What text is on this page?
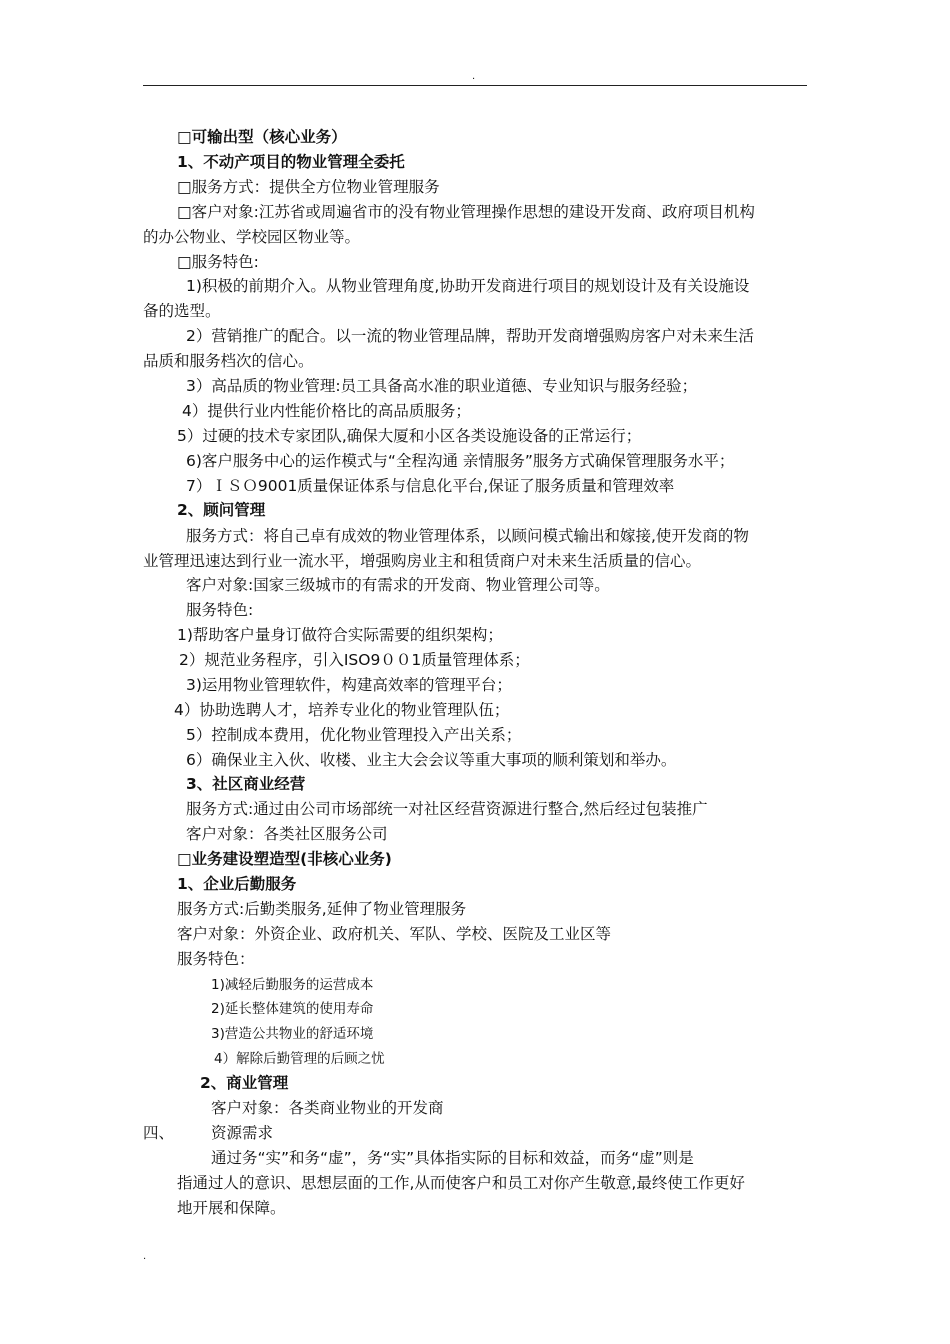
.
□可输出型（核心业务）
1、不动产项目的物业管理全委托
□服务方式：提供全方位物业管理服务
□客户对象:江苏省或周遍省市的没有物业管理操作思想的建设开发商、政府项目机构
的办公物业、学校园区物业等。
□服务特色:
1)积极的前期介入。从物业管理角度,协助开发商进行项目的规划设计及有关设施设
备的选型。
2）营销推广的配合。以一流的物业管理品牌，帮助开发商增强购房客户对未来生活
品质和服务档次的信心。
3）高品质的物业管理:员工具备高水准的职业道德、专业知识与服务经验；
4）提供行业内性能价格比的高品质服务；
5）过硬的技术专家团队,确保大厦和小区各类设施设备的正常运行；
6)客户服务中心的运作模式与“全程沟通 亲情服务”服务方式确保管理服务水平；
7）ＩＳＯ9001质量保证体系与信息化平台,保证了服务质量和管理效率
2、顾问管理
服务方式：将自己卓有成效的物业管理体系，以顾问模式输出和嫁接,使开发商的物
业管理迅速达到行业一流水平，增强购房业主和租赁商户对未来生活质量的信心。
客户对象:国家三级城市的有需求的开发商、物业管理公司等。
服务特色:
1)帮助客户量身订做符合实际需要的组织架构；
2）规范业务程序，引入ISO9００1质量管理体系；
3)运用物业管理软件，构建高效率的管理平台；
4）协助选聘人才，培养专业化的物业管理队伍；
5）控制成本费用，优化物业管理投入产出关系；
6）确保业主入伙、收楼、业主大会会议等重大事项的顺利策划和举办。
3、社区商业经营
服务方式:通过由公司市场部统一对社区经营资源进行整合,然后经过包装推广
客户对象：各类社区服务公司
□业务建设塑造型(非核心业务)
1、企业后勤服务
服务方式:后勤类服务,延伸了物业管理服务
客户对象：外资企业、政府机关、军队、学校、医院及工业区等
服务特色：
1)减轻后勤服务的运营成本
2)延长整体建筑的使用寿命
3)营造公共物业的舒适环境
4）解除后勤管理的后顾之忧
2、商业管理
客户对象：各类商业物业的开发商
四、 资源需求
通过务“实”和务“虚”，务“实”具体指实际的目标和效益，而务“虚”则是
指通过人的意识、思想层面的工作,从而使客户和员工对你产生敬意,最终使工作更好
地开展和保障。
.
